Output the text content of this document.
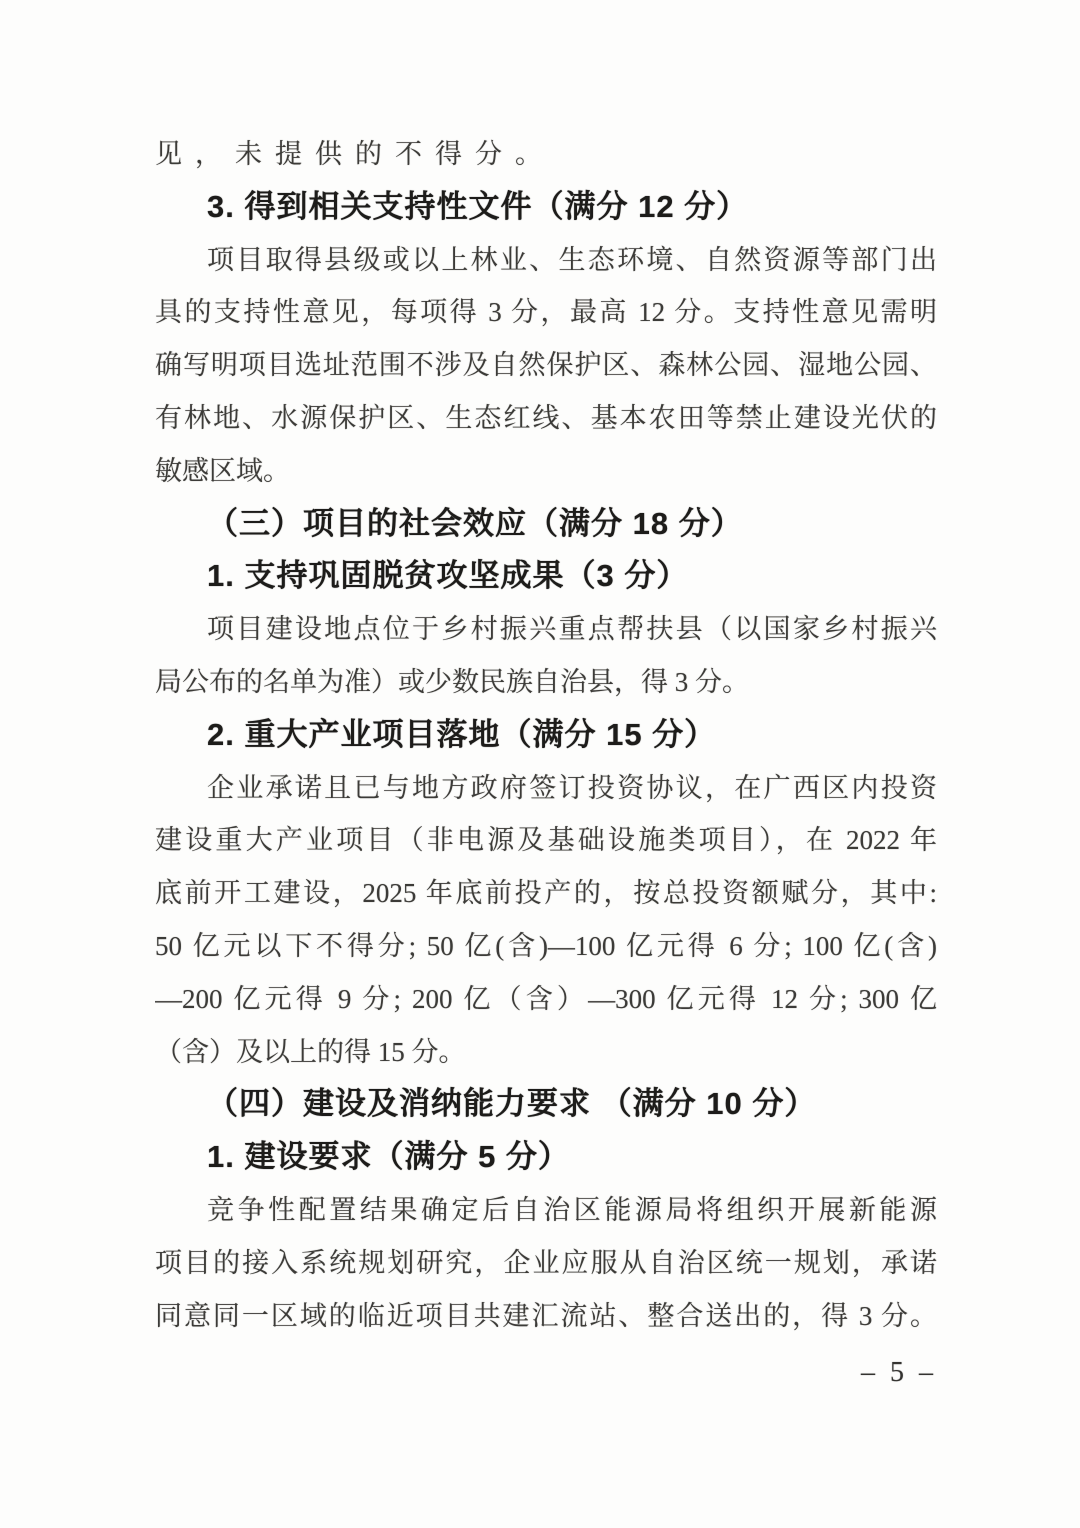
见，未提供的不得分。
3. 得到相关支持性文件（满分 12 分）
项目取得县级或以上林业、生态环境、自然资源等部门出
具的支持性意见，每项得 3 分，最高 12 分。支持性意见需明
确写明项目选址范围不涉及自然保护区、森林公园、湿地公园、
有林地、水源保护区、生态红线、基本农田等禁止建设光伏的
敏感区域。
（三）项目的社会效应（满分 18 分）
1. 支持巩固脱贫攻坚成果（3 分）
项目建设地点位于乡村振兴重点帮扶县（以国家乡村振兴
局公布的名单为准）或少数民族自治县，得 3 分。
2. 重大产业项目落地（满分 15 分）
企业承诺且已与地方政府签订投资协议，在广西区内投资
建设重大产业项目（非电源及基础设施类项目），在 2022 年
底前开工建设，2025 年底前投产的，按总投资额赋分，其中:
50 亿元以下不得分; 50 亿(含)—100 亿元得 6 分; 100 亿(含)
—200 亿元得 9 分; 200 亿（含）—300 亿元得 12 分; 300 亿
（含）及以上的得 15 分。
（四）建设及消纳能力要求 （满分 10 分）
1. 建设要求（满分 5 分）
竞争性配置结果确定后自治区能源局将组织开展新能源
项目的接入系统规划研究，企业应服从自治区统一规划，承诺
同意同一区域的临近项目共建汇流站、整合送出的，得 3 分。
– 5 –
